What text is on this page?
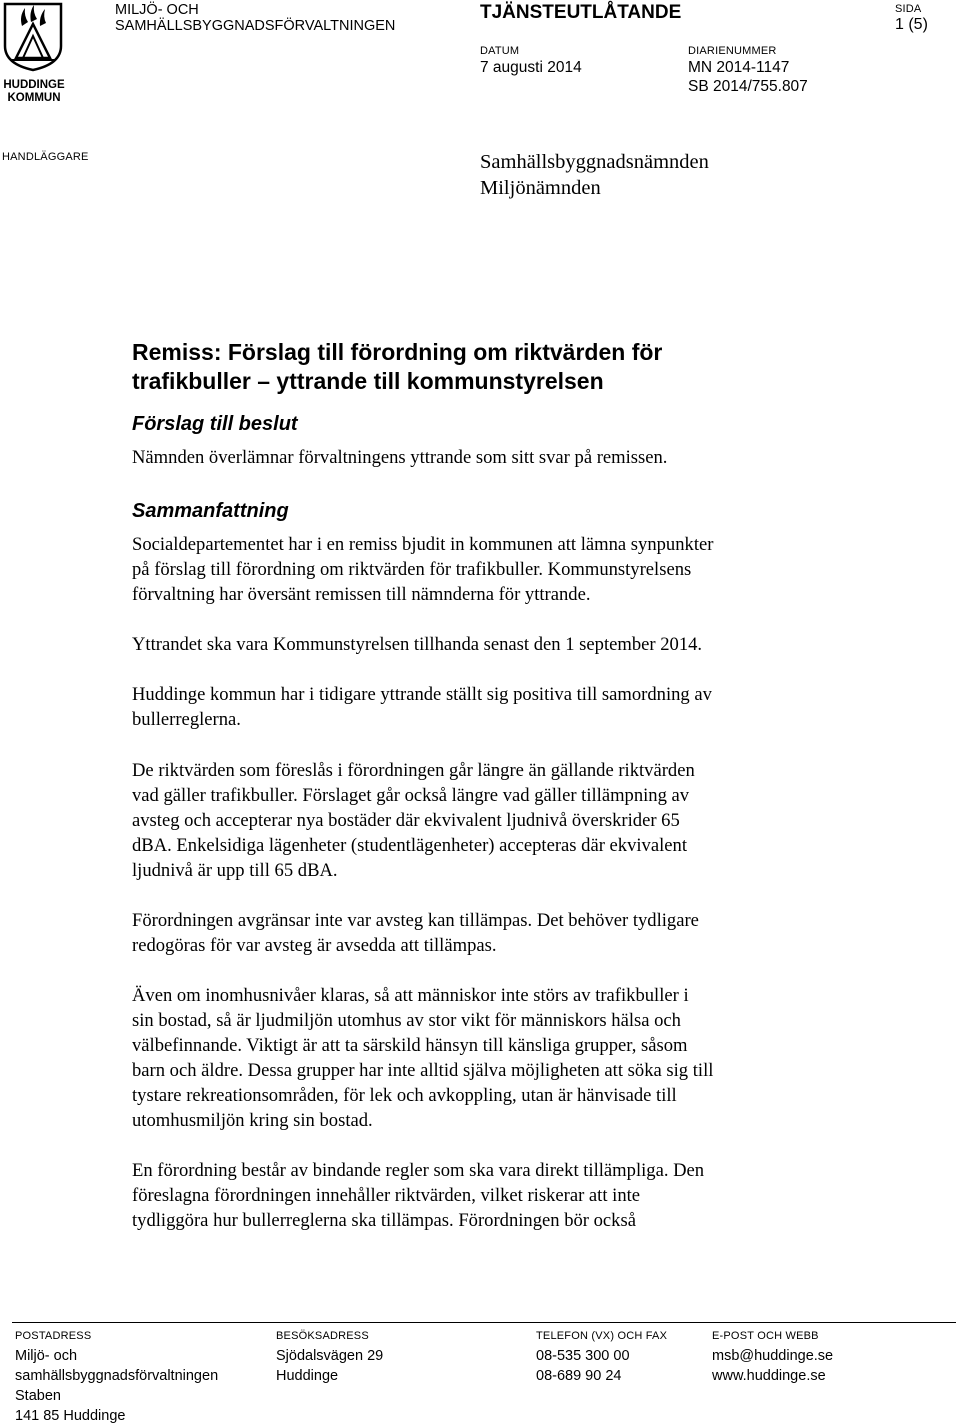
HUDDINGE KOMMUN
MILJÖ- OCH
SAMHÄLLSBYGGNADSFÖRVALTNINGEN
TJÄNSTEUTLÅTANDE	SIDA
1 (5)
DATUM
7 augusti 2014
DIARIENUMMER
MN 2014-1147
SB 2014/755.807
HANDLÄGGARE	Samhällsbyggnadsnämnden
Miljönämnden
Remiss: Förslag till förordning om riktvärden för
trafikbuller – yttrande till kommunstyrelsen
Förslag till beslut
Nämnden överlämnar förvaltningens yttrande som sitt svar på remissen.
Sammanfattning
Socialdepartementet har i en remiss bjudit in kommunen att lämna synpunkter
på förslag till förordning om riktvärden för trafikbuller. Kommunstyrelsens
förvaltning har översänt remissen till nämnderna för yttrande.
Yttrandet ska vara Kommunstyrelsen tillhanda senast den 1 september 2014.
Huddinge kommun har i tidigare yttrande ställt sig positiva till samordning av
bullerreglerna.
De riktvärden som föreslås i förordningen går längre än gällande riktvärden
vad gäller trafikbuller. Förslaget går också längre vad gäller tillämpning av
avsteg och accepterar nya bostäder där ekvivalent ljudnivå överskrider 65
dBA. Enkelsidiga lägenheter (studentlägenheter) accepteras där ekvivalent
ljudnivå är upp till 65 dBA.
Förordningen avgränsar inte var avsteg kan tillämpas. Det behöver tydligare
redogöras för var avsteg är avsedda att tillämpas.
Även om inomhusnivåer klaras, så att människor inte störs av trafikbuller i
sin bostad, så är ljudmiljön utomhus av stor vikt för människors hälsa och
välbefinnande. Viktigt är att ta särskild hänsyn till känsliga grupper, såsom
barn och äldre. Dessa grupper har inte alltid själva möjligheten att söka sig till
tystare rekreationsområden, för lek och avkoppling, utan är hänvisade till
utomhusmiljön kring sin bostad.
En förordning består av bindande regler som ska vara direkt tillämpliga. Den
föreslagna förordningen innehåller riktvärden, vilket riskerar att inte
tydliggöra hur bullerreglerna ska tillämpas. Förordningen bör också
POSTADRESS
Miljö- och
samhällsbyggnadsförvaltningen
Staben
141 85 Huddinge
BESÖKSADRESS
Sjödalsvägen 29
Huddinge
TELEFON (VX) OCH FAX
08-535 300 00
08-689 90 24
E-POST OCH WEBB
msb@huddinge.se
www.huddinge.se
